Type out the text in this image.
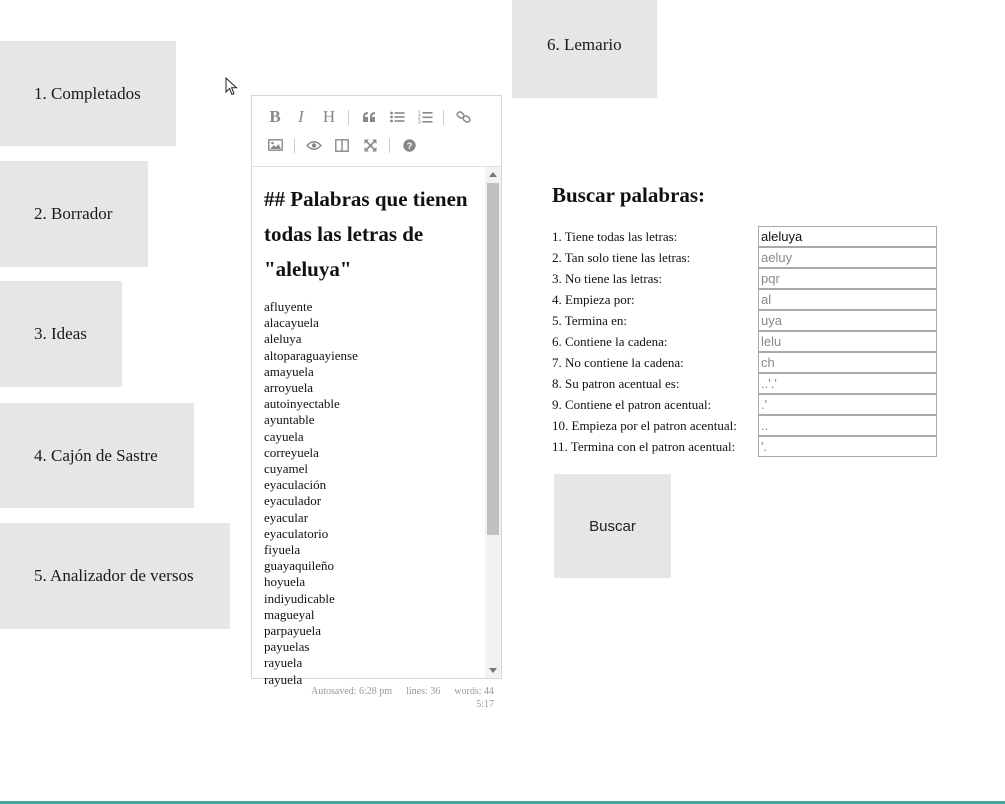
1. Completados
2. Borrador
3. Ideas
4. Cajón de Sastre
5. Analizador de versos
6. Lemario
B	I	H	1
2
3
?
## Palabras que tienen todas las letras de "aleluya"
afluyente
alacayuela
aleluya
altoparaguayiense
amayuela
arroyuela
autoinyectable
ayuntable
cayuela
correyuela
cuyamel
eyaculación
eyaculador
eyacular
eyaculatorio
fiyuela
guayaquileño
hoyuela
indiyudicable
magueyal
parpayuela
payuelas
rayuela
rayuela
Autosaved: 6:28 pm lines: 36 words: 44
5:17
Buscar palabras:
1. Tiene todas las letras:
aleluya
2. Tan solo tiene las letras:
aeluy
3. No tiene las letras:
pqr
4. Empieza por:
al
5. Termina en:
uya
6. Contiene la cadena:
lelu
7. No contiene la cadena:
ch
8. Su patron acentual es:
..'.'
9. Contiene el patron acentual:
.'
10. Empieza por el patron acentual:
..
11. Termina con el patron acentual:
'.
Buscar
